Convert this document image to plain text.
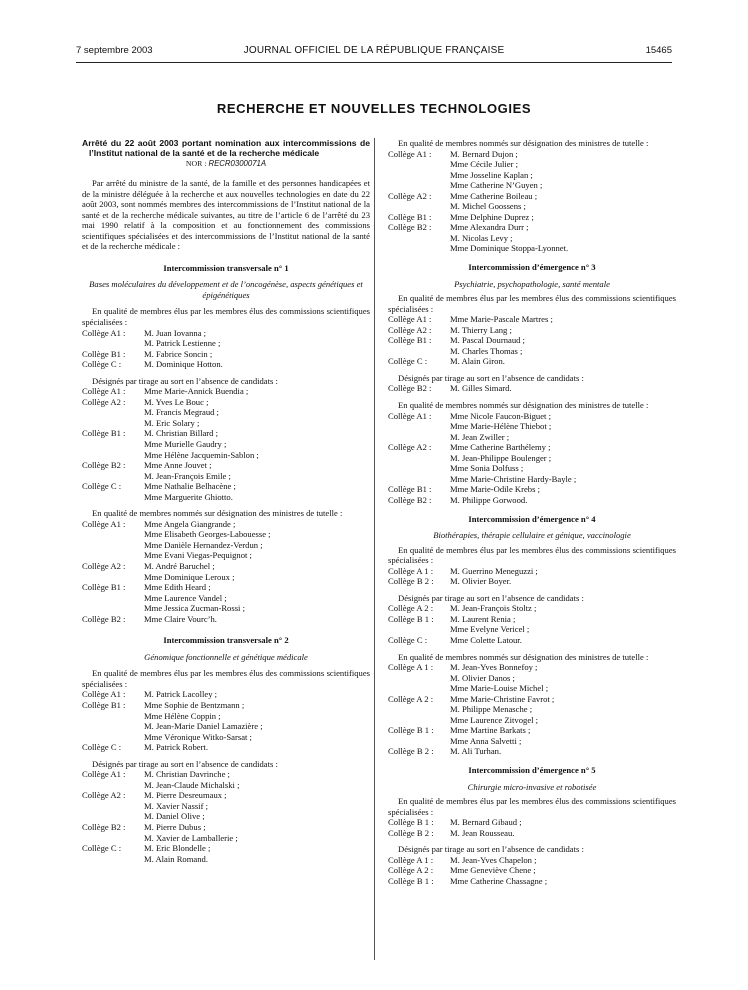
7 septembre 2003	JOURNAL OFFICIEL DE LA RÉPUBLIQUE FRANÇAISE	15465
RECHERCHE ET NOUVELLES TECHNOLOGIES
Arrêté du 22 août 2003 portant nomination aux intercommissions de l’Institut national de la santé et de la recherche médicale
NOR : RECR0300071A

Par arrêté du ministre de la santé, de la famille et des personnes handicapées et de la ministre déléguée à la recherche et aux nouvelles technologies en date du 22 août 2003, sont nommés membres des intercommissions de l’Institut national de la santé et de la recherche médicale suivantes, au titre de l’article 6 de l’arrêté du 23 mai 1990 relatif à la composition et au fonctionnement des commissions scientifiques spécialisées et des intercommissions de l’Institut national de la santé et de la recherche médicale :

Intercommission transversale n° 1

Bases moléculaires du développement et de l’oncogénèse, aspects génétiques et épigénétiques

En qualité de membres élus par les membres élus des commissions scientifiques spécialisées :

Collège A1 :	M. Juan Iovanna ;
M. Patrick Lestienne ;
Collège B1 :	M. Fabrice Soncin ;
Collège C :	M. Dominique Hotton.

Désignés par tirage au sort en l’absence de candidats :

Collège A1 :	Mme Marie-Annick Buendia ;
Collège A2 :	M. Yves Le Bouc ;
M. Francis Megraud ;
M. Eric Solary ;
Collège B1 :	M. Christian Billard ;
Mme Murielle Gaudry ;
Mme Hélène Jacquemin-Sablon ;
Collège B2 :	Mme Anne Jouvet ;
M. Jean-François Emile ;
Collège C :	Mme Nathalie Belhacène ;
Mme Marguerite Ghiotto.

En qualité de membres nommés sur désignation des ministres de tutelle :

Collège A1 :	Mme Angela Giangrande ;
Mme Elisabeth Georges-Labouesse ;
Mme Danièle Hernandez-Verdun ;
Mme Evani Viegas-Pequignot ;
Collège A2 :	M. André Baruchel ;
Mme Dominique Leroux ;
Collège B1 :	Mme Edith Heard ;
Mme Laurence Vandel ;
Mme Jessica Zucman-Rossi ;
Collège B2 :	Mme Claire Vourc’h.

Intercommission transversale n° 2

Génomique fonctionnelle et génétique médicale

En qualité de membres élus par les membres élus des commissions scientifiques spécialisées :

Collège A1 :	M. Patrick Lacolley ;
Collège B1 :	Mme Sophie de Bentzmann ;
Mme Hélène Coppin ;
M. Jean-Marie Daniel Lamazière ;
Mme Véronique Witko-Sarsat ;
Collège C :	M. Patrick Robert.

Désignés par tirage au sort en l’absence de candidats :

Collège A1 :	M. Christian Davrinche ;
M. Jean-Claude Michalski ;
Collège A2 :	M. Pierre Desreumaux ;
M. Xavier Nassif ;
M. Daniel Olive ;
Collège B2 :	M. Pierre Dubus ;
M. Xavier de Lamballerie ;
Collège C :	M. Eric Blondelle ;
M. Alain Romand.

En qualité de membres nommés sur désignation des ministres de tutelle :

Collège A1 :	M. Bernard Dujon ;
Mme Cécile Julier ;
Mme Josseline Kaplan ;
Mme Catherine N’Guyen ;
Collège A2 :	Mme Catherine Boileau ;
M. Michel Goossens ;
Collège B1 :	Mme Delphine Duprez ;
Collège B2 :	Mme Alexandra Durr ;
M. Nicolas Levy ;
Mme Dominique Stoppa-Lyonnet.

Intercommission d’émergence n° 3

Psychiatrie, psychopathologie, santé mentale

En qualité de membres élus par les membres élus des commissions scientifiques spécialisées :

Collège A1 :	Mme Marie-Pascale Martres ;
Collège A2 :	M. Thierry Lang ;
Collège B1 :	M. Pascal Dournaud ;
M. Charles Thomas ;
Collège C :	M. Alain Giron.

Désignés par tirage au sort en l’absence de candidats :

Collège B2 :	M. Gilles Simard.

En qualité de membres nommés sur désignation des ministres de tutelle :

Collège A1 :	Mme Nicole Faucon-Biguet ;
Mme Marie-Hélène Thiebot ;
M. Jean Zwiller ;
Collège A2 :	Mme Catherine Barthélemy ;
M. Jean-Philippe Boulenger ;
Mme Sonia Dolfuss ;
Mme Marie-Christine Hardy-Bayle ;
Collège B1 :	Mme Marie-Odile Krebs ;
Collège B2 :	M. Philippe Gorwood.

Intercommission d’émergence n° 4

Biothérapies, thérapie cellulaire et génique, vaccinologie

En qualité de membres élus par les membres élus des commissions scientifiques spécialisées :

Collège A 1 :	M. Guerrino Meneguzzi ;
Collège B 2 :	M. Olivier Boyer.

Désignés par tirage au sort en l’absence de candidats :

Collège A 2 :	M. Jean-François Stoltz ;
Collège B 1 :	M. Laurent Renia ;
Mme Evelyne Vericel ;
Collège C :	Mme Colette Latour.

En qualité de membres nommés sur désignation des ministres de tutelle :

Collège A 1 :	M. Jean-Yves Bonnefoy ;
M. Olivier Danos ;
Mme Marie-Louise Michel ;
Collège A 2 :	Mme Marie-Christine Favrot ;
M. Philippe Menasche ;
Mme Laurence Zitvogel ;
Collège B 1 :	Mme Martine Barkats ;
Mme Anna Salvetti ;
Collège B 2 :	M. Ali Turhan.

Intercommission d’émergence n° 5

Chirurgie micro-invasive et robotisée

En qualité de membres élus par les membres élus des commissions scientifiques spécialisées :

Collège B 1 :	M. Bernard Gibaud ;
Collège B 2 :	M. Jean Rousseau.

Désignés par tirage au sort en l’absence de candidats :

Collège A 1 :	M. Jean-Yves Chapelon ;
Collège A 2 :	Mme Geneviève Chene ;
Collège B 1 :	Mme Catherine Chassagne ;
